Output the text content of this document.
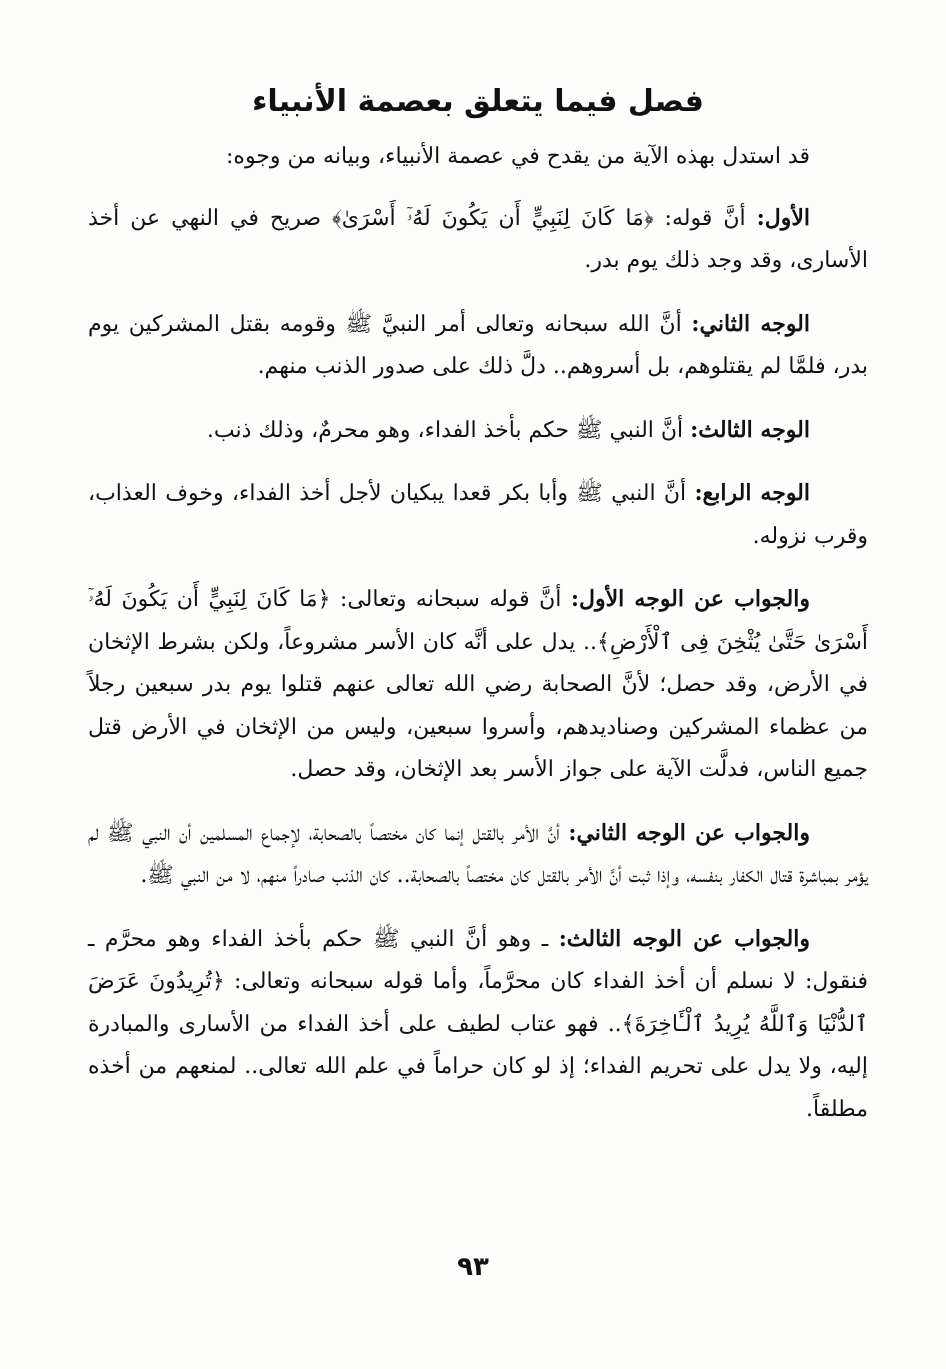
فصل فيما يتعلق بعصمة الأنبياء

قد استدل بهذه الآية من يقدح في عصمة الأنبياء، وبيانه من وجوه:

الأول: أنَّ قوله: ﴿مَا كَانَ لِنَبِيٍّ أَن يَكُونَ لَهُۥٓ أَسْرَىٰ﴾ صريح في النهي عن أخذ الأسارى، وقد وجد ذلك يوم بدر.

الوجه الثاني: أنَّ الله سبحانه وتعالى أمر النبيَّ ﷺ وقومه بقتل المشركين يوم بدر، فلمَّا لم يقتلوهم، بل أسروهم.. دلَّ ذلك على صدور الذنب منهم.

الوجه الثالث: أنَّ النبي ﷺ حكم بأخذ الفداء، وهو محرمٌ، وذلك ذنب.

الوجه الرابع: أنَّ النبي ﷺ وأبا بكر قعدا يبكيان لأجل أخذ الفداء، وخوف العذاب، وقرب نزوله.

والجواب عن الوجه الأول: أنَّ قوله سبحانه وتعالى: ﴿مَا كَانَ لِنَبِيٍّ أَن يَكُونَ لَهُۥٓ أَسْرَىٰ حَتَّىٰ يُثْخِنَ فِى ٱلْأَرْضِ﴾.. يدل على أنَّه كان الأسر مشروعاً، ولكن بشرط الإثخان في الأرض، وقد حصل؛ لأنَّ الصحابة رضي الله تعالى عنهم قتلوا يوم بدر سبعين رجلاً من عظماء المشركين وصناديدهم، وأسروا سبعين، وليس من الإثخان في الأرض قتل جميع الناس، فدلَّت الآية على جواز الأسر بعد الإثخان، وقد حصل.

والجواب عن الوجه الثاني: أنَّ الأمر بالقتل إنما كان مختصاً بالصحابة، لإجماع المسلمين أن النبي ﷺ لم يؤمر بمباشرة قتال الكفار بنفسه، وإذا ثبت أنَّ الأمر بالقتل كان مختصاً بالصحابة.. كان الذنب صادراً منهم، لا من النبي ﷺ.

والجواب عن الوجه الثالث: ـ وهو أنَّ النبي ﷺ حكم بأخذ الفداء وهو محرَّم ـ فنقول: لا نسلم أن أخذ الفداء كان محرَّماً، وأما قوله سبحانه وتعالى: ﴿تُرِيدُونَ عَرَضَ ٱلدُّنْيَا وَٱللَّهُ يُرِيدُ ٱلْـَٔاخِرَةَ﴾.. فهو عتاب لطيف على أخذ الفداء من الأسارى والمبادرة إليه، ولا يدل على تحريم الفداء؛ إذ لو كان حراماً في علم الله تعالى.. لمنعهم من أخذه مطلقاً.

٩٣
